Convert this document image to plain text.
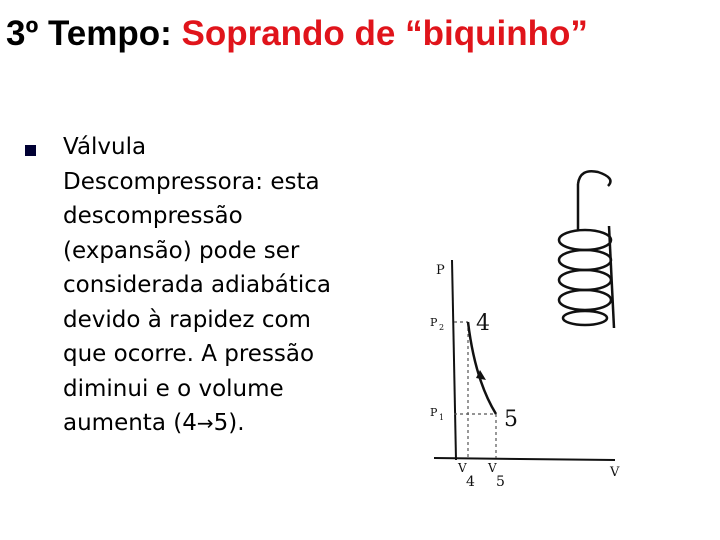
3º Tempo: Soprando de “biquinho”
Válvula
Descompressora: esta
descompressão
(expansão) pode ser
considerada adiabática
devido à rapidez com
que ocorre. A pressão
diminui e o volume
aumenta (4→5).
P
V
P 2
P 1
4
5
V
4
V
5
